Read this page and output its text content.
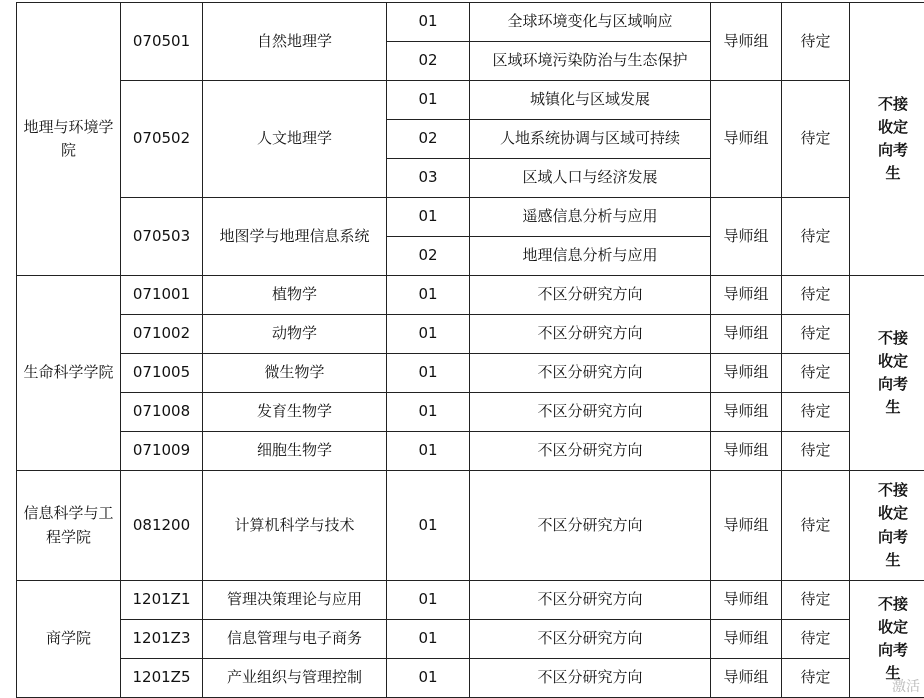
地理与环境学院	070501	自然地理学	01	全球环境变化与区域响应	导师组	待定	不接收定向考生
			02	区域环境污染防治与生态保护			
	070502	人文地理学	01	城镇化与区域发展	导师组	待定	
			02	人地系统协调与区域可持续			
			03	区域人口与经济发展			
	070503	地图学与地理信息系统	01	遥感信息分析与应用	导师组	待定	
			02	地理信息分析与应用			
生命科学学院	071001	植物学	01	不区分研究方向	导师组	待定	不接收定向考生
	071002	动物学	01	不区分研究方向	导师组	待定	
	071005	微生物学	01	不区分研究方向	导师组	待定	
	071008	发育生物学	01	不区分研究方向	导师组	待定	
	071009	细胞生物学	01	不区分研究方向	导师组	待定	
信息科学与工程学院	081200	计算机科学与技术	01	不区分研究方向	导师组	待定	不接收定向考生
商学院	1201Z1	管理决策理论与应用	01	不区分研究方向	导师组	待定	不接收定向考生
	1201Z3	信息管理与电子商务	01	不区分研究方向	导师组	待定	
	1201Z5	产业组织与管理控制	01	不区分研究方向	导师组	待定	
激活
